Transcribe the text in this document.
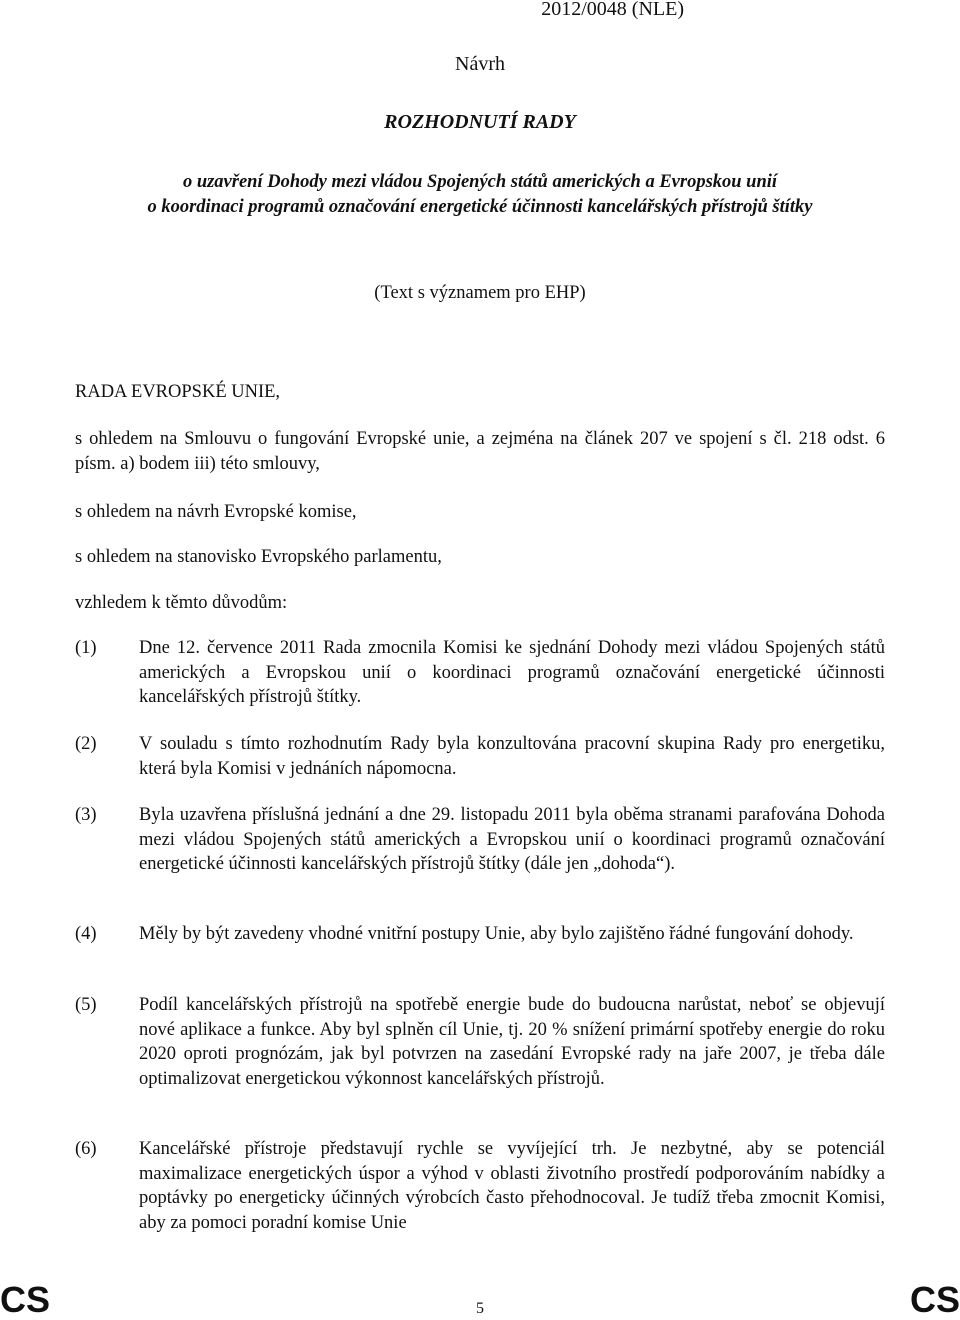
2012/0048 (NLE)
Návrh
ROZHODNUTÍ RADY
o uzavření Dohody mezi vládou Spojených států amerických a Evropskou unií
o koordinaci programů označování energetické účinnosti kancelářských přístrojů štítky
(Text s významem pro EHP)
RADA EVROPSKÉ UNIE,
s ohledem na Smlouvu o fungování Evropské unie, a zejména na článek 207 ve spojení s čl. 218 odst. 6 písm. a) bodem iii) této smlouvy,
s ohledem na návrh Evropské komise,
s ohledem na stanovisko Evropského parlamentu,
vzhledem k těmto důvodům:
(1) Dne 12. července 2011 Rada zmocnila Komisi ke sjednání Dohody mezi vládou Spojených států amerických a Evropskou unií o koordinaci programů označování energetické účinnosti kancelářských přístrojů štítky.
(2) V souladu s tímto rozhodnutím Rady byla konzultována pracovní skupina Rady pro energetiku, která byla Komisi v jednáních nápomocna.
(3) Byla uzavřena příslušná jednání a dne 29. listopadu 2011 byla oběma stranami parafována Dohoda mezi vládou Spojených států amerických a Evropskou unií o koordinaci programů označování energetické účinnosti kancelářských přístrojů štítky (dále jen „dohoda“).
(4) Měly by být zavedeny vhodné vnitřní postupy Unie, aby bylo zajištěno řádné fungování dohody.
(5) Podíl kancelářských přístrojů na spotřebě energie bude do budoucna narůstat, neboť se objevují nové aplikace a funkce. Aby byl splněn cíl Unie, tj. 20 % snížení primární spotřeby energie do roku 2020 oproti prognózám, jak byl potvrzen na zasedání Evropské rady na jaře 2007, je třeba dále optimalizovat energetickou výkonnost kancelářských přístrojů.
(6) Kancelářské přístroje představují rychle se vyvíjející trh. Je nezbytné, aby se potenciál maximalizace energetických úspor a výhod v oblasti životního prostředí podporováním nabídky a poptávky po energeticky účinných výrobcích často přehodnocoval. Je tudíž třeba zmocnit Komisi, aby za pomoci poradní komise Unie
CS	5	CS
